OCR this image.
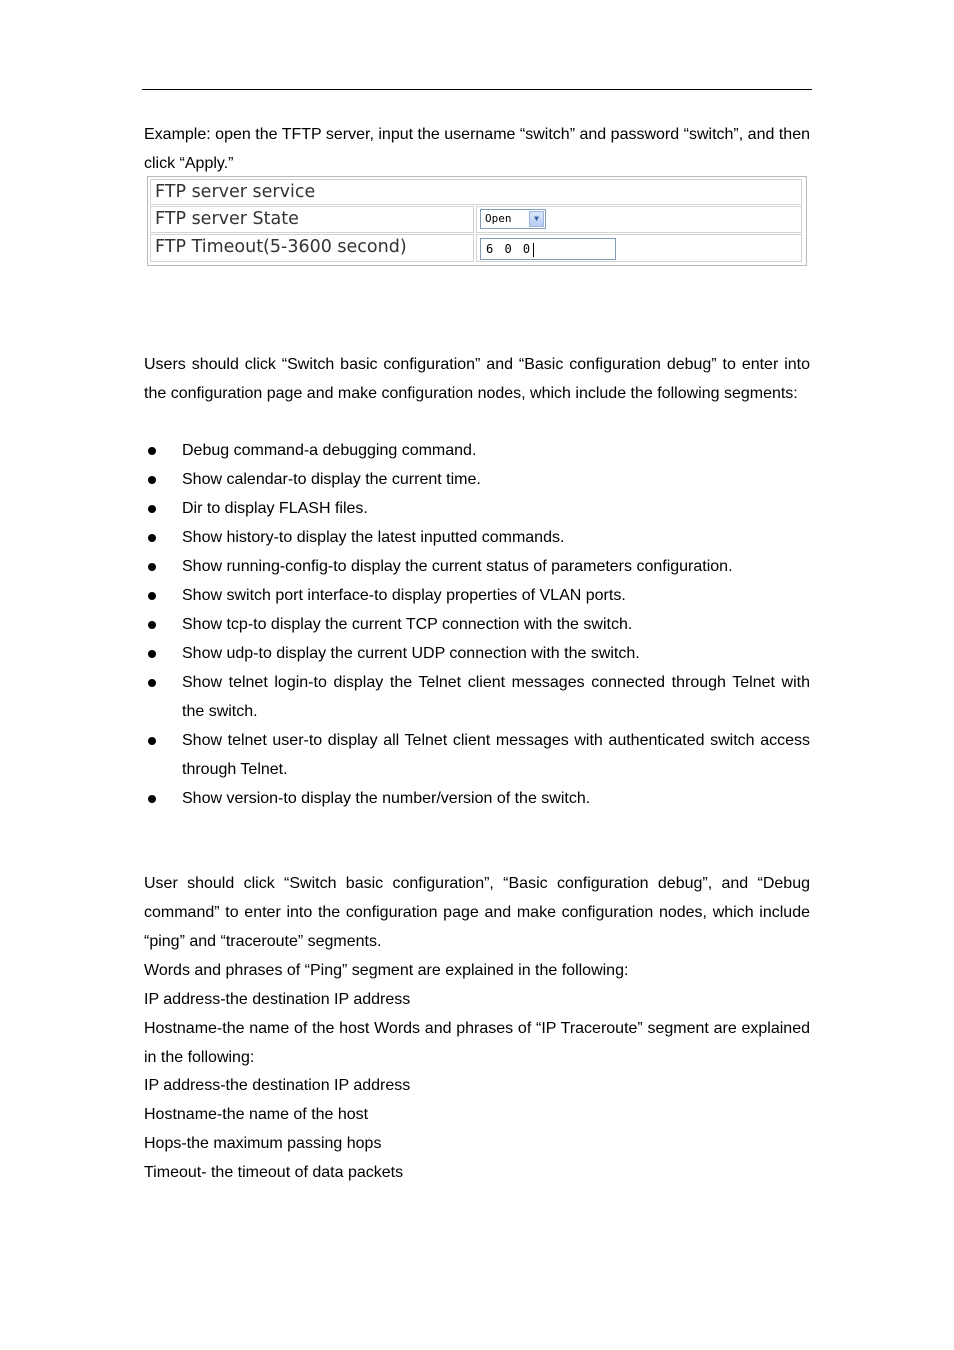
Example: open the TFTP server, input the username “switch” and password “switch”, and then click “Apply.”

FTP server service
FTP server State	Open	▼
FTP Timeout(5-3600 second)	6 0 0

Users should click “Switch basic configuration” and “Basic configuration debug” to enter into the configuration page and make configuration nodes, which include the following segments:

Debug command-a debugging command.
Show calendar-to display the current time.
Dir to display FLASH files.
Show history-to display the latest inputted commands.
Show running-config-to display the current status of parameters configuration.
Show switch port interface-to display properties of VLAN ports.
Show tcp-to display the current TCP connection with the switch.
Show udp-to display the current UDP connection with the switch.
Show telnet login-to display the Telnet client messages connected through Telnet with the switch.
Show telnet user-to display all Telnet client messages with authenticated switch access through Telnet.
Show version-to display the number/version of the switch.

User should click “Switch basic configuration”, “Basic configuration debug”, and “Debug command” to enter into the configuration page and make configuration nodes, which include “ping” and “traceroute” segments.

Words and phrases of “Ping” segment are explained in the following:
IP address-the destination IP address

Hostname-the name of the host Words and phrases of “IP Traceroute” segment are explained in the following:

IP address-the destination IP address
Hostname-the name of the host
Hops-the maximum passing hops
Timeout- the timeout of data packets
